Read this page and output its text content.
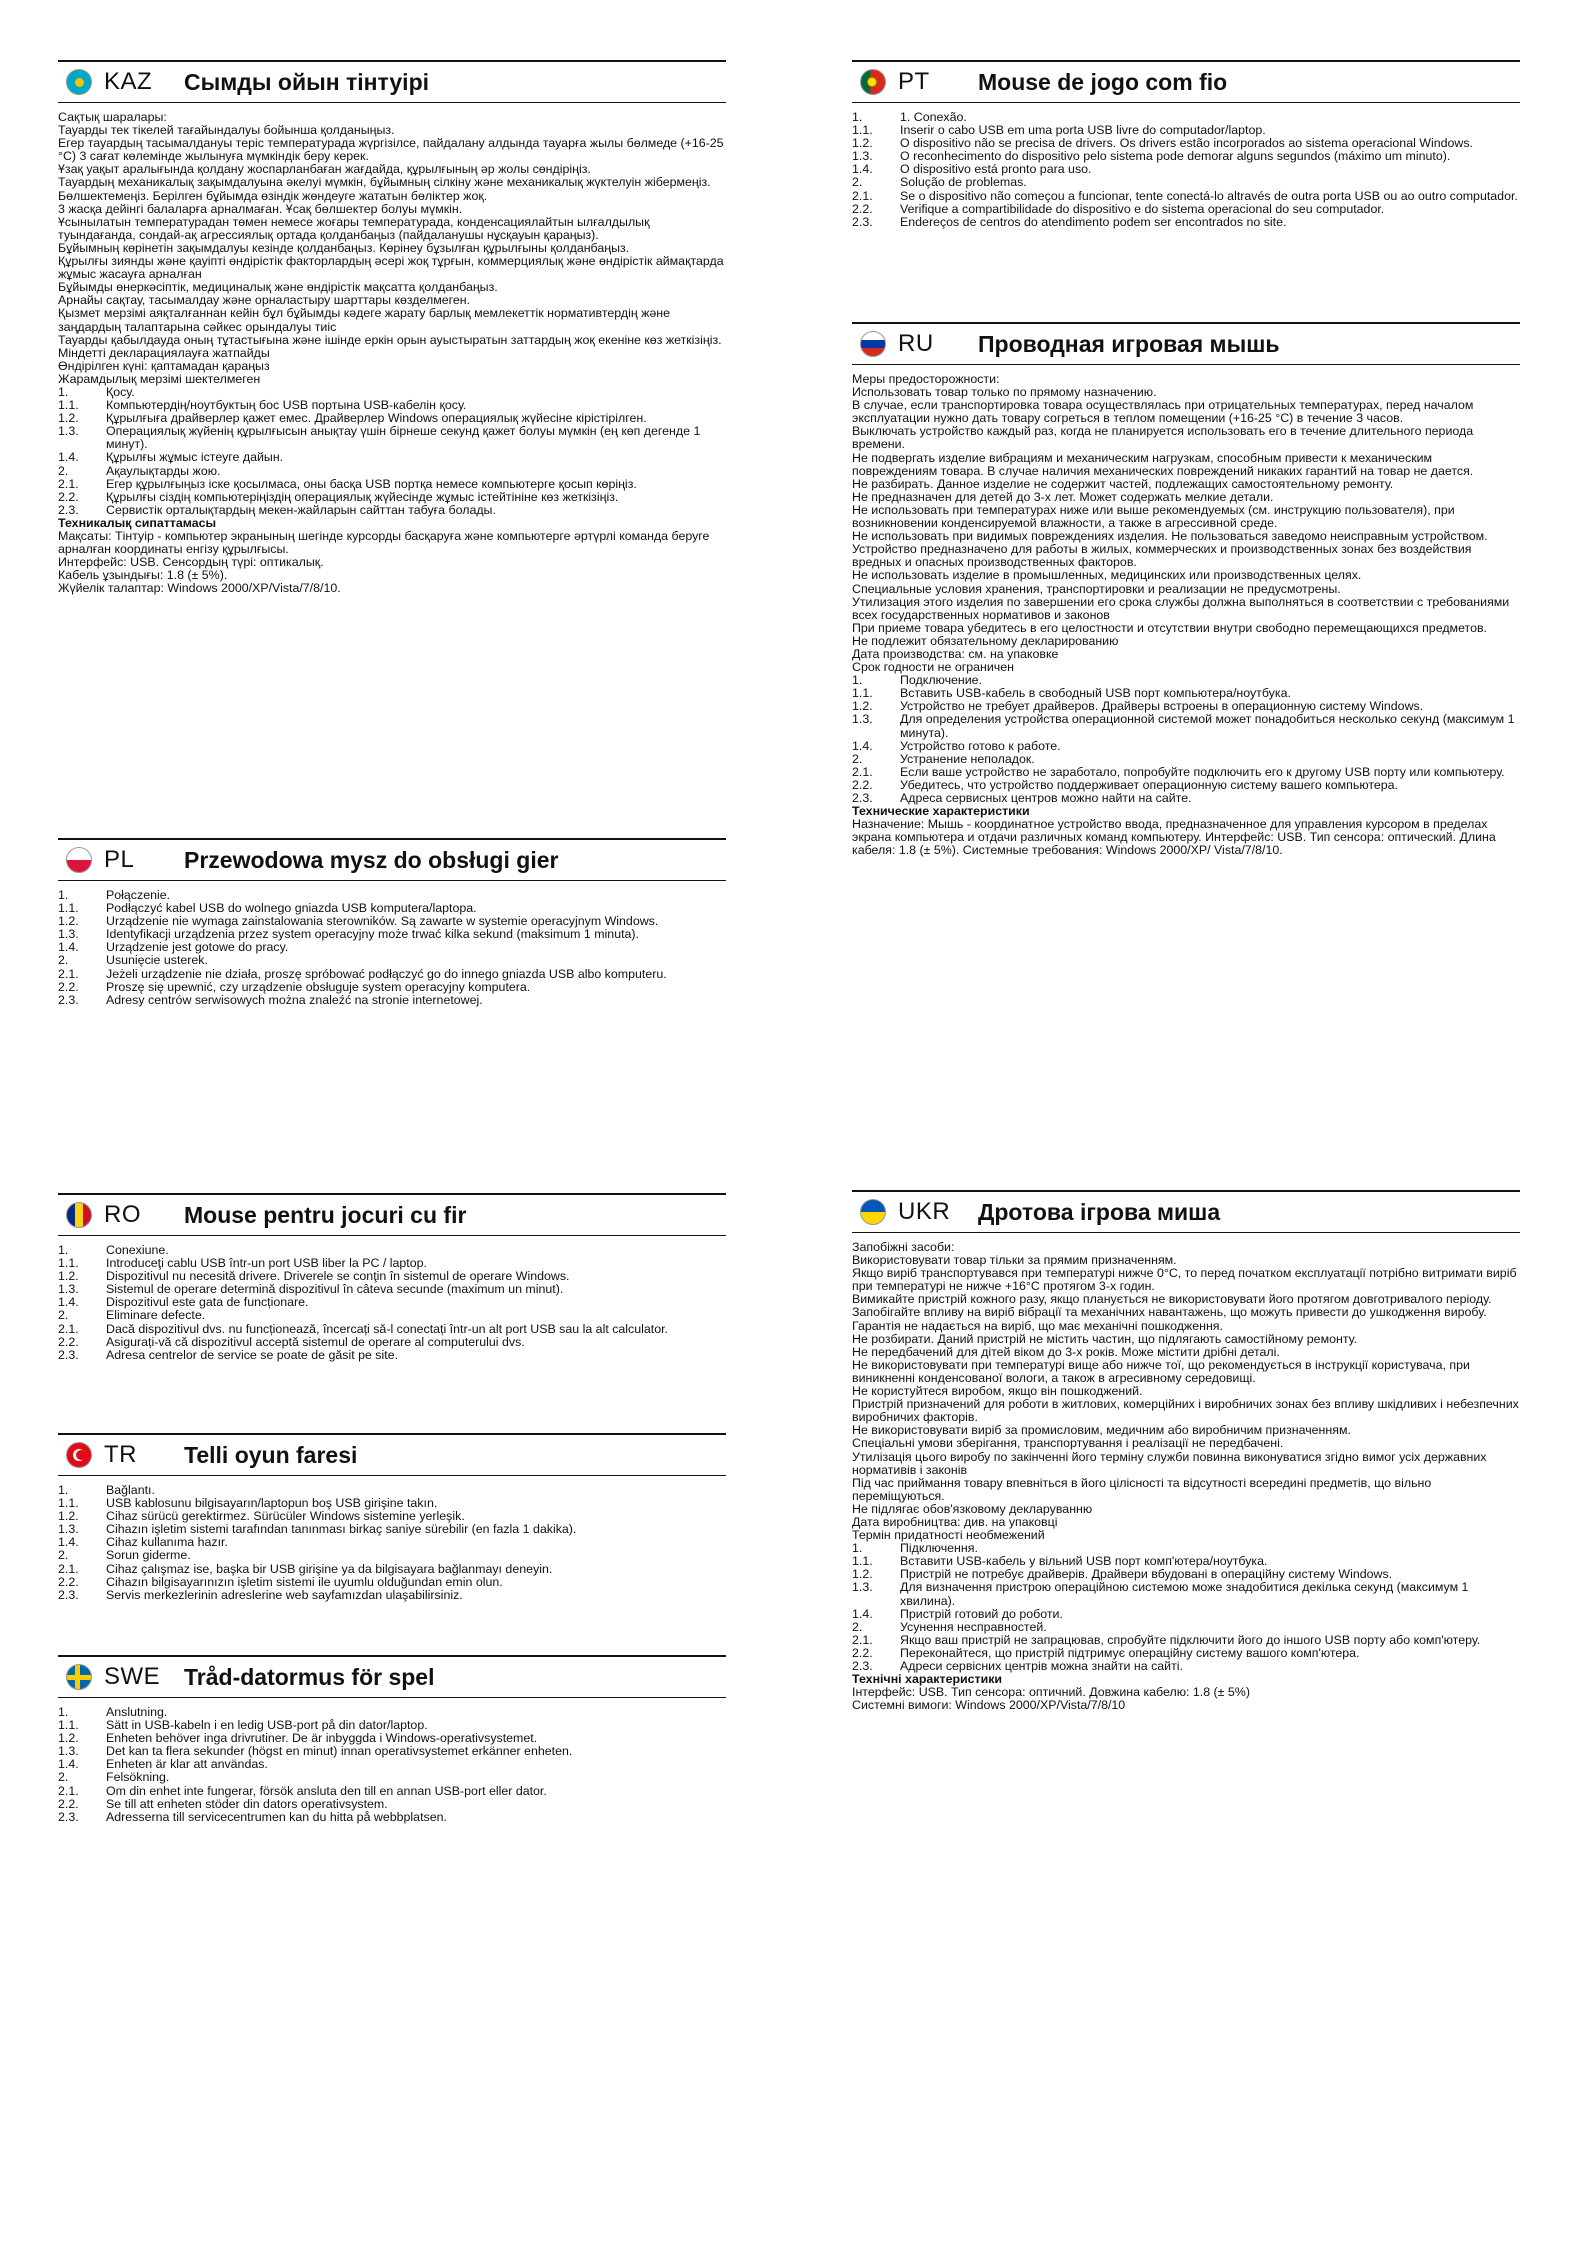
KAZ	Сымды ойын тінтуірі
Сақтық шаралары:
Тауарды тек тікелей тағайындалуы бойынша қолданыңыз.
Егер тауардың тасымалдануы теріс температурада жүргізілсе, пайдалану алдында тауарға жылы бөлмеде (+16-25 °С) 3 сағат көлемінде жылынуға мүмкіндік беру керек.
Ұзақ уақыт аралығында қолдану жоспарланбаған жағдайда, құрылғының әр жолы сөндіріңіз.
Тауардың механикалық зақымдалуына әкелуі мүмкін, бұйымның сілкіну және механикалық жүктелуін жібермеңіз.
Бөлшектемеңіз. Берілген бұйымда өзіндік жөндеуге жататын бөліктер жоқ.
3 жасқа дейінгі балаларға арналмаған. Ұсақ бөлшектер болуы мүмкін.
Ұсынылатын температурадан төмен немесе жоғары температурада, конденсациялайтын ылғалдылық туындағанда, сондай-ақ агрессиялық ортада қолданбаңыз (пайдаланушы нұсқауын қараңыз).
Бұйымның көрінетін зақымдалуы кезінде қолданбаңыз. Көрінеу бұзылған құрылғыны қолданбаңыз.
Құрылғы зиянды және қауіпті өндірістік факторлардың әсері жоқ тұрғын, коммерциялық және өндірістік аймақтарда жұмыс жасауға арналған
Бұйымды өнеркәсіптік, медициналық және өндірістік мақсатта қолданбаңыз.
Арнайы сақтау, тасымалдау және орналастыру шарттары көзделмеген.
Қызмет мерзімі аяқталғаннан кейін бұл бұйымды кәдеге жарату барлық мемлекеттік нормативтердің және заңдардың талаптарына сәйкес орындалуы тиіс
Тауарды қабылдауда оның тұтастығына және ішінде еркін орын ауыстыратын заттардың жоқ екеніне көз жеткізіңіз.
Міндетті декларациялауға жатпайды
Өндірілген күні: қаптамадан қараңыз
Жарамдылық мерзімі шектелмеген
1.	Қосу.
1.1.	Компьютердің/ноутбуктың бос USB портына USB-кабелін қосу.
1.2.	Құрылғыға драйверлер қажет емес. Драйверлер Windows операциялық жүйесіне кірістірілген.
1.3.	Операциялық жүйенің құрылғысын анықтау үшін бірнеше секунд қажет болуы мүмкін (ең көп дегенде 1 минут).
1.4.	Құрылғы жұмыс істеуге дайын.
2.	Ақаулықтарды жою.
2.1.	Егер құрылғыңыз іске қосылмаса, оны басқа USB портқа немесе компьютерге қосып көріңіз.
2.2.	Құрылғы сіздің компьютеріңіздің операциялық жүйесінде жұмыс істейтініне көз жеткізіңіз.
2.3.	Сервистік орталықтардың мекен-жайларын сайттан табуға болады.
Техникалық сипаттамасы
Мақсаты: Тінтуір - компьютер экранының шегінде курсорды басқаруға және компьютерге әртүрлі команда беруге арналған координаты енгізу құрылғысы.
Интерфейс: USB. Сенсордың түрі: оптикалық.
Кабель ұзындығы: 1.8 (± 5%).
Жүйелік талаптар: Windows 2000/XP/Vista/7/8/10.
PL	Przewodowa mysz do obsługi gier
1.	Połączenie.
1.1.	Podłączyć kabel USB do wolnego gniazda USB komputera/laptopa.
1.2.	Urządzenie nie wymaga zainstalowania sterowników. Są zawarte w systemie operacyjnym Windows.
1.3.	Identyfikacji urządzenia przez system operacyjny może trwać kilka sekund (maksimum 1 minuta).
1.4.	Urządzenie jest gotowe do pracy.
2.	Usunięcie usterek.
2.1.	Jeżeli urządzenie nie działa, proszę spróbować podłączyć go do innego gniazda USB albo komputeru.
2.2.	Proszę się upewnić, czy urządzenie obsługuje system operacyjny komputera.
2.3.	Adresy centrów serwisowych można znaleźć na stronie internetowej.
PT	Mouse de jogo com fio
1.	1. Conexão.
1.1.	Inserir o cabo USB em uma porta USB livre do computador/laptop.
1.2.	O dispositivo não se precisa de drivers. Os drivers estão incorporados ao sistema operacional Windows.
1.3.	O reconhecimento do dispositivo pelo sistema pode demorar alguns segundos (máximo um minuto).
1.4.	O dispositivo está pronto para uso.
2.	Solução de problemas.
2.1.	Se o dispositivo não começou a funcionar, tente conectá-lo altravés de outra porta USB ou ao outro computador.
2.2.	Verifique a compartibilidade do dispositivo e do sistema operacional do seu computador.
2.3.	Endereços de centros do atendimento podem ser encontrados no site.
RU	Проводная игровая мышь
Меры предосторожности:
Использовать товар только по прямому назначению.
В случае, если транспортировка товара осуществлялась при отрицательных температурах, перед началом эксплуатации нужно дать товару согреться в теплом помещении (+16-25 °С) в течение 3 часов.
Выключать устройство каждый раз, когда не планируется использовать его в течение длительного периода времени.
Не подвергать изделие вибрациям и механическим нагрузкам, способным привести к механическим повреждениям товара. В случае наличия механических повреждений никаких гарантий на товар не дается.
Не разбирать. Данное изделие не содержит частей, подлежащих самостоятельному ремонту.
Не предназначен для детей до 3-х лет. Может содержать мелкие детали.
Не использовать при температурах ниже или выше рекомендуемых (см. инструкцию пользователя), при возникновении конденсируемой влажности, а также в агрессивной среде.
Не использовать при видимых повреждениях изделия. Не пользоваться заведомо неисправным устройством.
Устройство предназначено для работы в жилых, коммерческих и производственных зонах без воздействия вредных и опасных производственных факторов.
Не использовать изделие в промышленных, медицинских или производственных целях.
Специальные условия хранения, транспортировки и реализации не предусмотрены.
Утилизация этого изделия по завершении его срока службы должна выполняться в соответствии с требованиями всех государственных нормативов и законов
При приеме товара убедитесь в его целостности и отсутствии внутри свободно перемещающихся предметов.
Не подлежит обязательному декларированию
Дата производства: см. на упаковке
Срок годности не ограничен
1.	Подключение.
1.1.	Вставить USB-кабель в свободный USB порт компьютера/ноутбука.
1.2.	Устройство не требует драйверов. Драйверы встроены в операционную систему Windows.
1.3.	Для определения устройства операционной системой может понадобиться несколько секунд (максимум 1 минута).
1.4.	Устройство готово к работе.
2.	Устранение неполадок.
2.1.	Если ваше устройство не заработало, попробуйте подключить его к другому USB порту или компьютеру.
2.2.	Убедитесь, что устройство поддерживает операционную систему вашего компьютера.
2.3.	Адреса сервисных центров можно найти на сайте.
Технические характеристики
Назначение: Мышь - координатное устройство ввода, предназначенное для управления курсором в пределах экрана компьютера и отдачи различных команд компьютеру. Интерфейс: USB. Тип сенсора: оптический. Длина кабеля: 1.8 (± 5%). Системные требования: Windows 2000/XP/ Vista/7/8/10.
RO	Mouse pentru jocuri cu fir
1.	Conexiune.
1.1.	Introduceţi cablu USB într-un port USB liber la PC / laptop.
1.2.	Dispozitivul nu necesită drivere. Driverele se conţin în sistemul de operare Windows.
1.3.	Sistemul de operare determină dispozitivul în câteva secunde (maximum un minut).
1.4.	Dispozitivul este gata de funcționare.
2.	Eliminare defecte.
2.1.	Dacă dispozitivul dvs. nu funcționează, încercați să-l conectați într-un alt port USB sau la alt calculator.
2.2.	Asigurați-vă că dispozitivul acceptă sistemul de operare al computerului dvs.
2.3.	Adresa centrelor de service se poate de găsit pe site.
TR	Telli oyun faresi
1.	Bağlantı.
1.1.	USB kablosunu bilgisayarın/laptopun boş USB girişine takın.
1.2.	Cihaz sürücü gerektirmez. Sürücüler Windows sistemine yerleşik.
1.3.	Cihazın işletim sistemi tarafından tanınması birkaç saniye sürebilir (en fazla 1 dakika).
1.4.	Cihaz kullanıma hazır.
2.	Sorun giderme.
2.1.	Cihaz çalışmaz ise, başka bir USB girişine ya da bilgisayara bağlanmayı deneyin.
2.2.	Cihazın bilgisayarınızın işletim sistemi ile uyumlu olduğundan emin olun.
2.3.	Servis merkezlerinin adreslerine web sayfamızdan ulaşabilirsiniz.
SWE	Tråd-datormus för spel
1.	Anslutning.
1.1.	Sätt in USB-kabeln i en ledig USB-port på din dator/laptop.
1.2.	Enheten behöver inga drivrutiner. De är inbyggda i Windows-operativsystemet.
1.3.	Det kan ta flera sekunder (högst en minut) innan operativsystemet erkänner enheten.
1.4.	Enheten är klar att användas.
2.	Felsökning.
2.1.	Om din enhet inte fungerar, försök ansluta den till en annan USB-port eller dator.
2.2.	Se till att enheten stöder din dators operativsystem.
2.3.	Adresserna till servicecentrumen kan du hitta på webbplatsen.
UKR	Дротова ігрова миша
Запобіжні засоби:
Використовувати товар тільки за прямим призначенням.
Якщо виріб транспортувався при температурі нижче 0°С, то перед початком експлуатації потрібно витримати виріб при температурі не нижче +16°С протягом 3-х годин.
Вимикайте пристрій кожного разу, якщо планується не використовувати його протягом довготривалого періоду.
Запобігайте впливу на виріб вібрації та механічних навантажень, що можуть привести до ушкодження виробу. Гарантія не надається на виріб, що має механічні пошкодження.
Не розбирати. Даний пристрій не містить частин, що підлягають самостійному ремонту.
Не передбачений для дітей віком до 3-х років. Може містити дрібні деталі.
Не використовувати при температурі вище або нижче тої, що рекомендується в інструкції користувача, при виникненні конденсованої вологи, а також в агресивному середовищі.
Не користуйтеся виробом, якщо він пошкоджений.
Пристрій призначений для роботи в житлових, комерційних і виробничих зонах без впливу шкідливих і небезпечних виробничих факторів.
Не використовувати виріб за промисловим, медичним або виробничим призначенням.
Спеціальні умови зберігання, транспортування і реалізації не передбачені.
Утилізація цього виробу по закінченні його терміну служби повинна виконуватися згідно вимог усіх державних нормативів і законів
Під час приймання товару впевніться в його цілісності та відсутності всередині предметів, що вільно переміщуються.
Не підлягає обов'язковому декларуванню
Дата виробництва: див. на упаковці
Термін придатності необмежений
1.	Підключення.
1.1.	Вставити USB-кабель у вільний USB порт комп'ютера/ноутбука.
1.2.	Пристрій не потребує драйверів. Драйвери вбудовані в операційну систему Windows.
1.3.	Для визначення пристрою операційною системою може знадобитися декілька секунд (максимум 1 хвилина).
1.4.	Пристрій готовий до роботи.
2.	Усунення несправностей.
2.1.	Якщо ваш пристрій не запрацював, спробуйте підключити його до іншого USB порту або комп'ютеру.
2.2.	Переконайтеся, що пристрій підтримує операційну систему вашого комп'ютера.
2.3.	Адреси сервісних центрів можна знайти на сайті.
Технічні характеристики
Інтерфейс: USB. Тип сенсора: оптичний. Довжина кабелю: 1.8 (± 5%)
Системні вимоги: Windows 2000/XP/Vista/7/8/10
